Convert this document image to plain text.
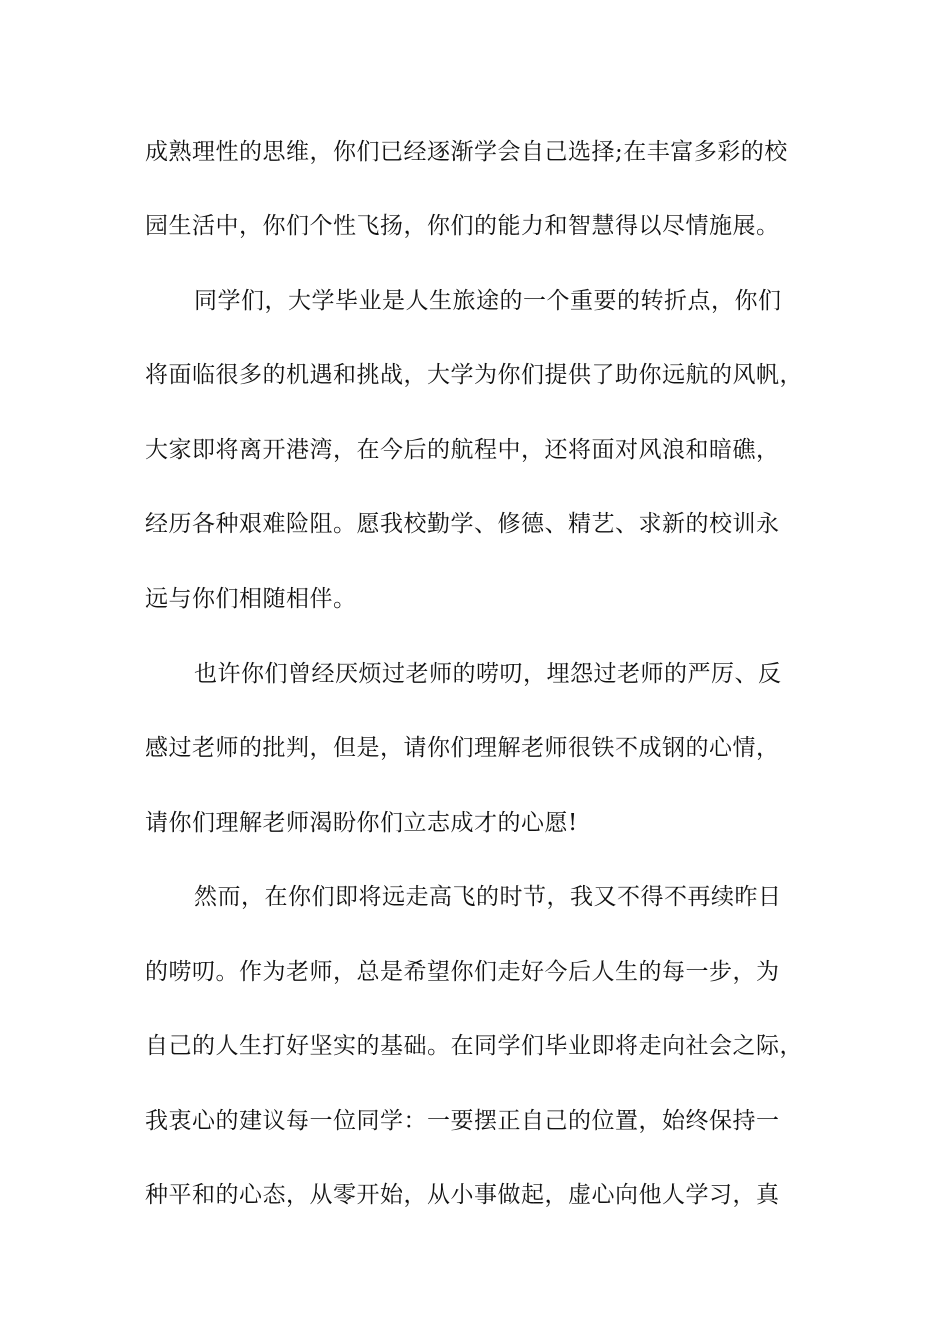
成熟理性的思维，你们已经逐渐学会自己选择;在丰富多彩的校
园生活中，你们个性飞扬，你们的能力和智慧得以尽情施展。
同学们，大学毕业是人生旅途的一个重要的转折点，你们
将面临很多的机遇和挑战，大学为你们提供了助你远航的风帆，
大家即将离开港湾，在今后的航程中，还将面对风浪和暗礁，
经历各种艰难险阻。愿我校勤学、修德、精艺、求新的校训永
远与你们相随相伴。
也许你们曾经厌烦过老师的唠叨，埋怨过老师的严厉、反
感过老师的批判，但是，请你们理解老师很铁不成钢的心情，
请你们理解老师渴盼你们立志成才的心愿!
然而，在你们即将远走高飞的时节，我又不得不再续昨日
的唠叨。作为老师，总是希望你们走好今后人生的每一步，为
自己的人生打好坚实的基础。在同学们毕业即将走向社会之际，
我衷心的建议每一位同学：一要摆正自己的位置，始终保持一
种平和的心态，从零开始，从小事做起，虚心向他人学习，真
